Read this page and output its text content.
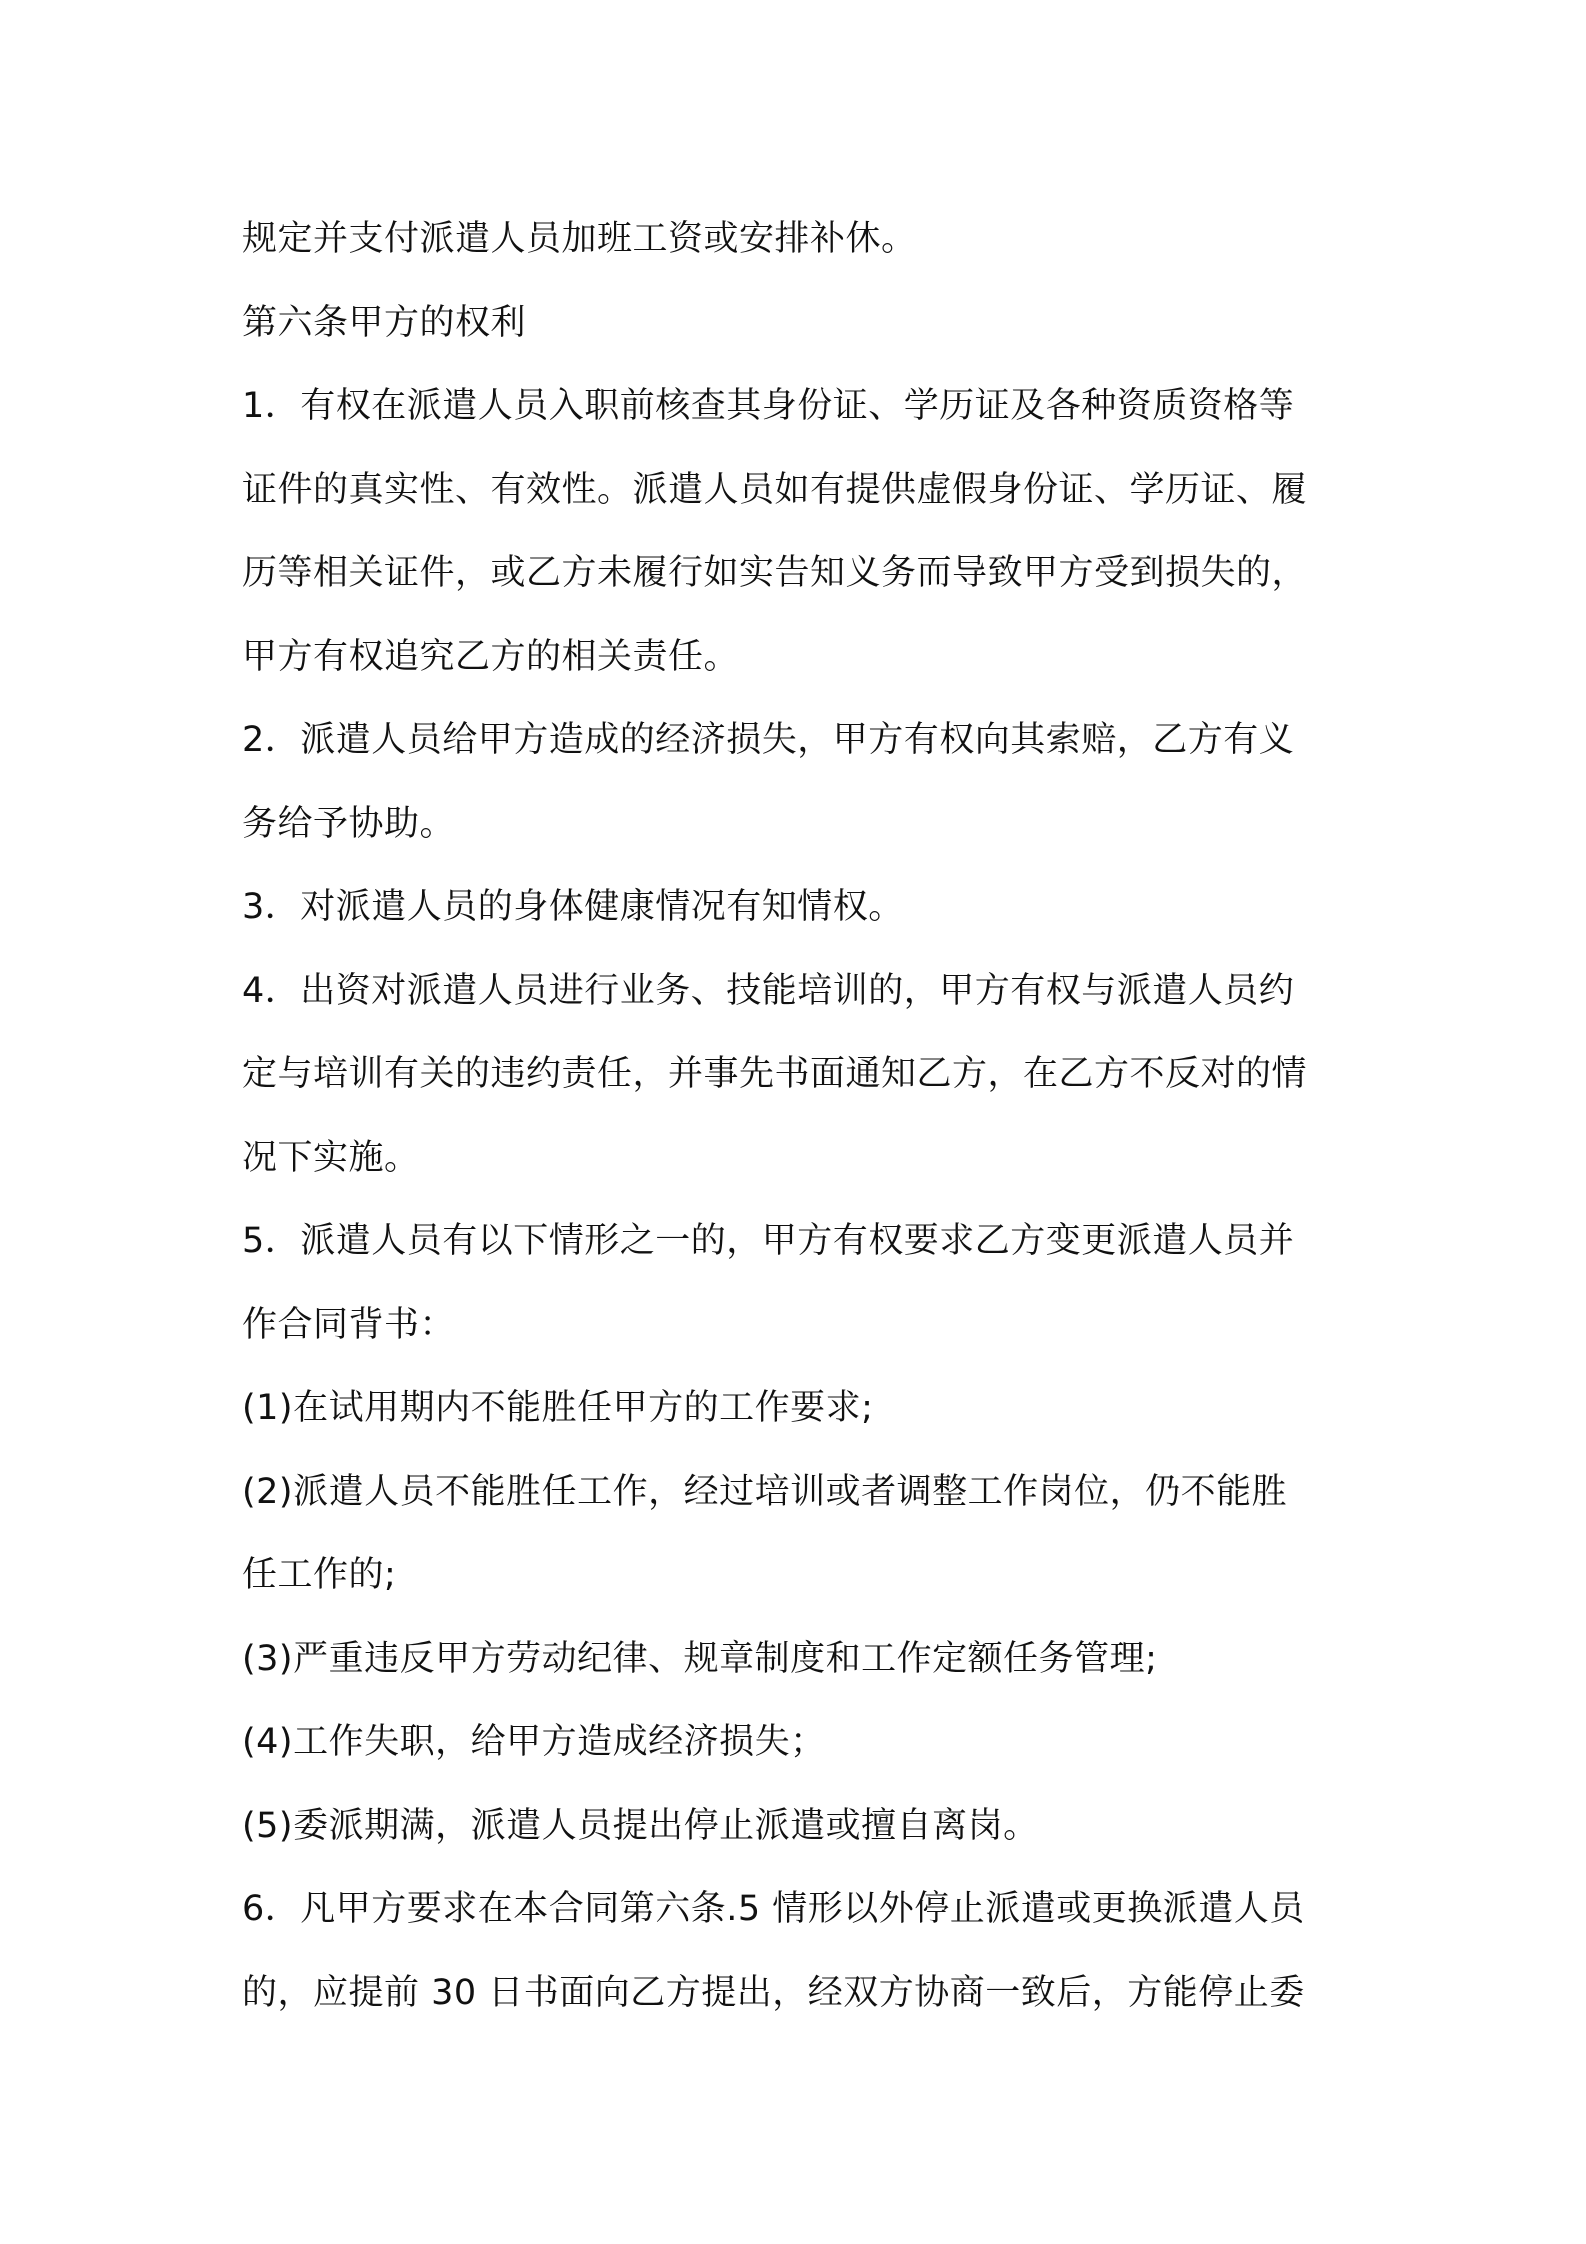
规定并支付派遣人员加班工资或安排补休。
第六条甲方的权利
1．有权在派遣人员入职前核查其身份证、学历证及各种资质资格等
证件的真实性、有效性。派遣人员如有提供虚假身份证、学历证、履
历等相关证件，或乙方未履行如实告知义务而导致甲方受到损失的，
甲方有权追究乙方的相关责任。
2．派遣人员给甲方造成的经济损失，甲方有权向其索赔，乙方有义
务给予协助。
3．对派遣人员的身体健康情况有知情权。
4．出资对派遣人员进行业务、技能培训的，甲方有权与派遣人员约
定与培训有关的违约责任，并事先书面通知乙方，在乙方不反对的情
况下实施。
5．派遣人员有以下情形之一的，甲方有权要求乙方变更派遣人员并
作合同背书：
(1)在试用期内不能胜任甲方的工作要求;
(2)派遣人员不能胜任工作，经过培训或者调整工作岗位，仍不能胜
任工作的;
(3)严重违反甲方劳动纪律、规章制度和工作定额任务管理;
(4)工作失职，给甲方造成经济损失；
(5)委派期满，派遣人员提出停止派遣或擅自离岗。
6．凡甲方要求在本合同第六条.5 情形以外停止派遣或更换派遣人员
的，应提前 30 日书面向乙方提出，经双方协商一致后，方能停止委
